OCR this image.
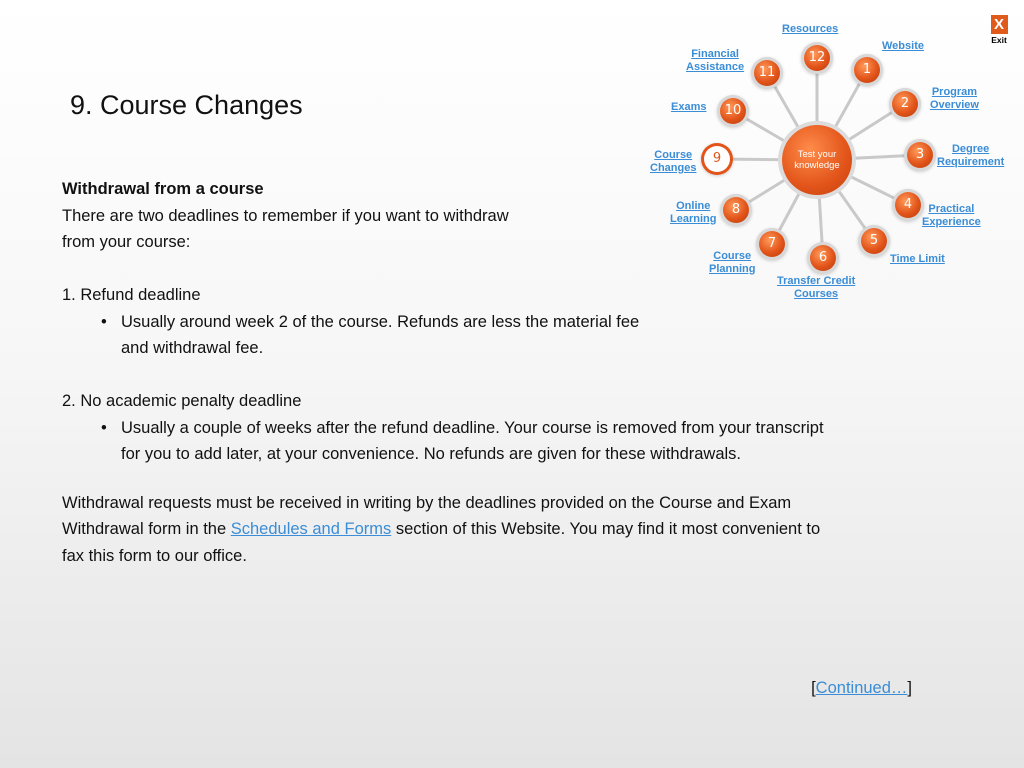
9. Course Changes
X
Exit
Test your
knowledge
12
1
2
3
4
5
6
7
8
9
10
11
Resources
Website
Program
Overview
Degree
Requirement
Practical
Experience
Time Limit
Transfer Credit
Courses
Course
Planning
Online
Learning
Course
Changes
Exams
Financial
Assistance
Withdrawal from a course
There are two deadlines to remember if you want to withdraw
from your course:
1. Refund deadline
• Usually around week 2 of the course. Refunds are less the material fee
and withdrawal fee.
2. No academic penalty deadline
• Usually a couple of weeks after the refund deadline. Your course is removed from your transcript
for you to add later, at your convenience. No refunds are given for these withdrawals.
Withdrawal requests must be received in writing by the deadlines provided on the Course and Exam
Withdrawal form in the Schedules and Forms section of this Website. You may find it most convenient to
fax this form to our office.
[Continued…]
